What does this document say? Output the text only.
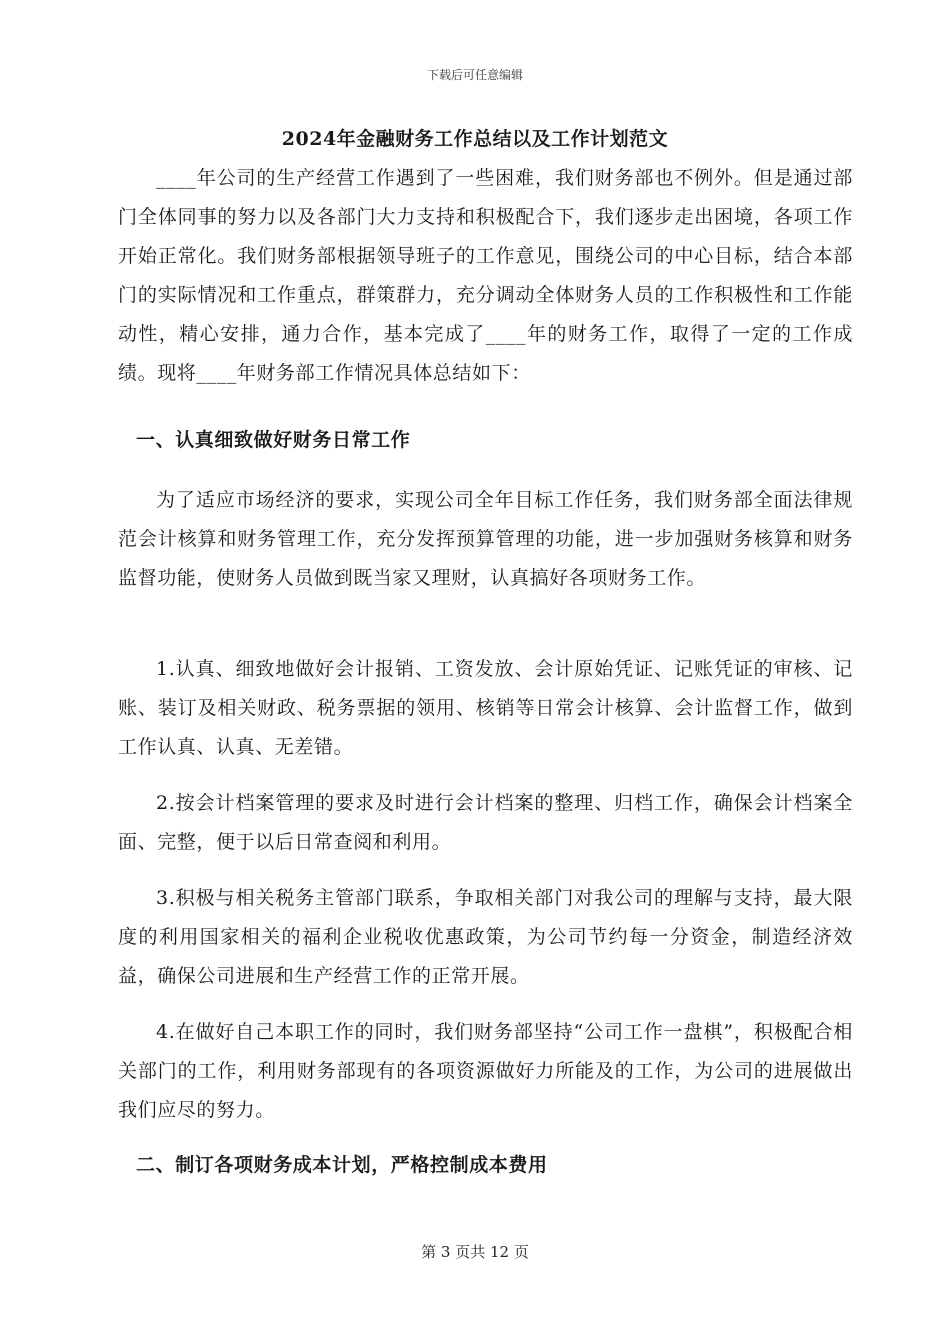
下载后可任意编辑
2024年金融财务工作总结以及工作计划范文

____年公司的生产经营工作遇到了一些困难，我们财务部也不例外。但是通过部门全体同事的努力以及各部门大力支持和积极配合下，我们逐步走出困境，各项工作开始正常化。我们财务部根据领导班子的工作意见，围绕公司的中心目标，结合本部门的实际情况和工作重点，群策群力，充分调动全体财务人员的工作积极性和工作能动性，精心安排，通力合作，基本完成了____年的财务工作，取得了一定的工作成绩。现将____年财务部工作情况具体总结如下：

一、认真细致做好财务日常工作

为了适应市场经济的要求，实现公司全年目标工作任务，我们财务部全面法律规范会计核算和财务管理工作，充分发挥预算管理的功能，进一步加强财务核算和财务监督功能，使财务人员做到既当家又理财，认真搞好各项财务工作。

1.认真、细致地做好会计报销、工资发放、会计原始凭证、记账凭证的审核、记账、装订及相关财政、税务票据的领用、核销等日常会计核算、会计监督工作，做到工作认真、认真、无差错。

2.按会计档案管理的要求及时进行会计档案的整理、归档工作，确保会计档案全面、完整，便于以后日常查阅和利用。

3.积极与相关税务主管部门联系，争取相关部门对我公司的理解与支持，最大限度的利用国家相关的福利企业税收优惠政策，为公司节约每一分资金，制造经济效益，确保公司进展和生产经营工作的正常开展。

4.在做好自己本职工作的同时，我们财务部坚持“公司工作一盘棋”，积极配合相关部门的工作，利用财务部现有的各项资源做好力所能及的工作，为公司的进展做出我们应尽的努力。

二、制订各项财务成本计划，严格控制成本费用
第 3 页共 12 页
